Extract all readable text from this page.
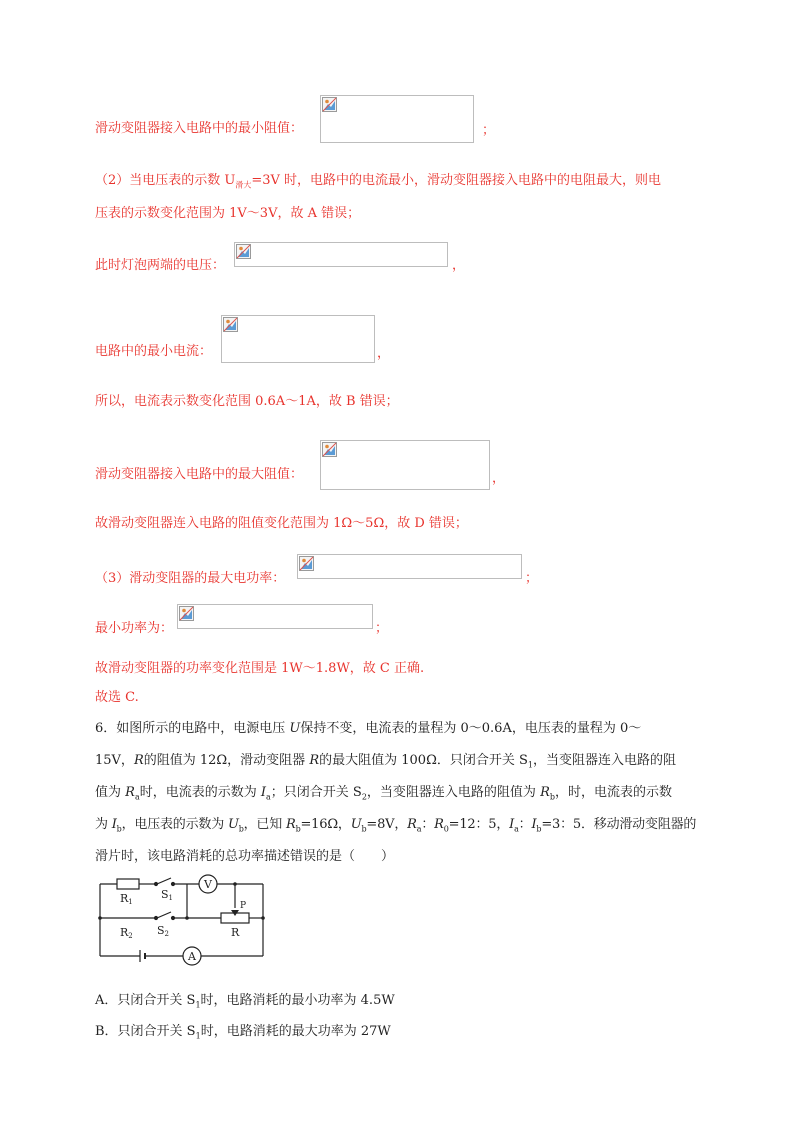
滑动变阻器接入电路中的最小阻值：	；
（2）当电压表的示数 $U_{滑大}=3V$ 时，电路中的电流最小，滑动变阻器接入电路中的电阻最大，则电
压表的示数变化范围为 1V～3V，故 A 错误；
此时灯泡两端的电压：	，
电路中的最小电流：	，
所以，电流表示数变化范围 0.6A～1A，故 B 错误；
滑动变阻器接入电路中的最大阻值：	，
故滑动变阻器连入电路的阻值变化范围为 1Ω～5Ω，故 D 错误；
（3）滑动变阻器的最大电功率：	；
最小功率为：	；
故滑动变阻器的功率变化范围是 1W～1.8W，故 C 正确.
故选 C.
6．如图所示的电路中，电源电压 U保持不变，电流表的量程为 0～0.6A，电压表的量程为 0～
15V，R的阻值为 12Ω，滑动变阻器 R的最大阻值为 100Ω．只闭合开关 $S_1$，当变阻器连入电路的阻
值为 $R_a$时，电流表的示数为 $I_a$；只闭合开关 $S_2$，当变阻器连入电路的阻值为 $R_b$，时，电流表的示数
为 $I_b$，电压表的示数为 $U_b$，已知 $R_b=16\Omega$，$U_b=8V$，$R_a$：$R_0=12$：5，$I_a$：$I_b=3$：5．移动滑动变阻器的
滑片时，该电路消耗的总功率描述错误的是（　　）
R1
S1
V
R2 S2
P
R
A
A．只闭合开关 $S_1$时，电路消耗的最小功率为 4.5W
B．只闭合开关 $S_1$时，电路消耗的最大功率为 27W
